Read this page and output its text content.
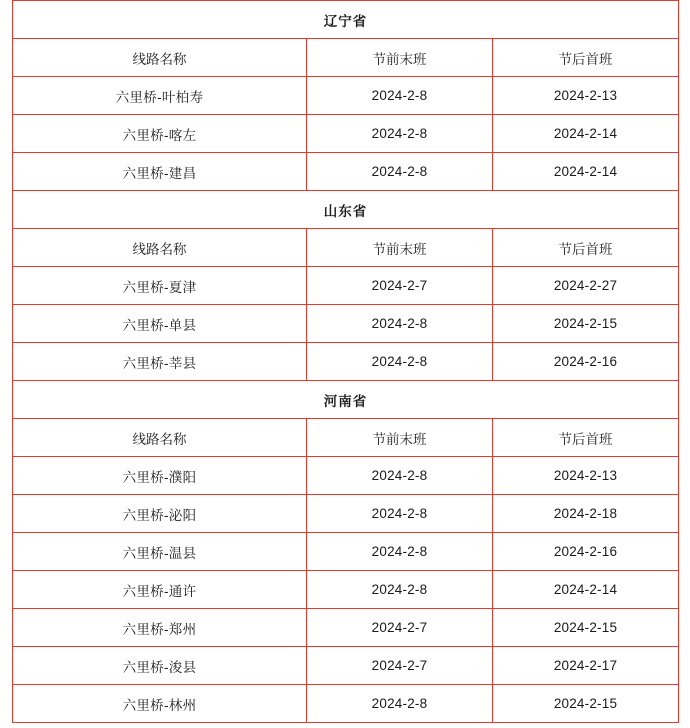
辽宁省		
线路名称	节前末班	节后首班
六里桥-叶柏寿	2024-2-8	2024-2-13
六里桥-喀左	2024-2-8	2024-2-14
六里桥-建昌	2024-2-8	2024-2-14
山东省		
线路名称	节前末班	节后首班
六里桥-夏津	2024-2-7	2024-2-27
六里桥-单县	2024-2-8	2024-2-15
六里桥-莘县	2024-2-8	2024-2-16
河南省		
线路名称	节前末班	节后首班
六里桥-濮阳	2024-2-8	2024-2-13
六里桥-泌阳	2024-2-8	2024-2-18
六里桥-温县	2024-2-8	2024-2-16
六里桥-通许	2024-2-8	2024-2-14
六里桥-郑州	2024-2-7	2024-2-15
六里桥-浚县	2024-2-7	2024-2-17
六里桥-林州	2024-2-8	2024-2-15
